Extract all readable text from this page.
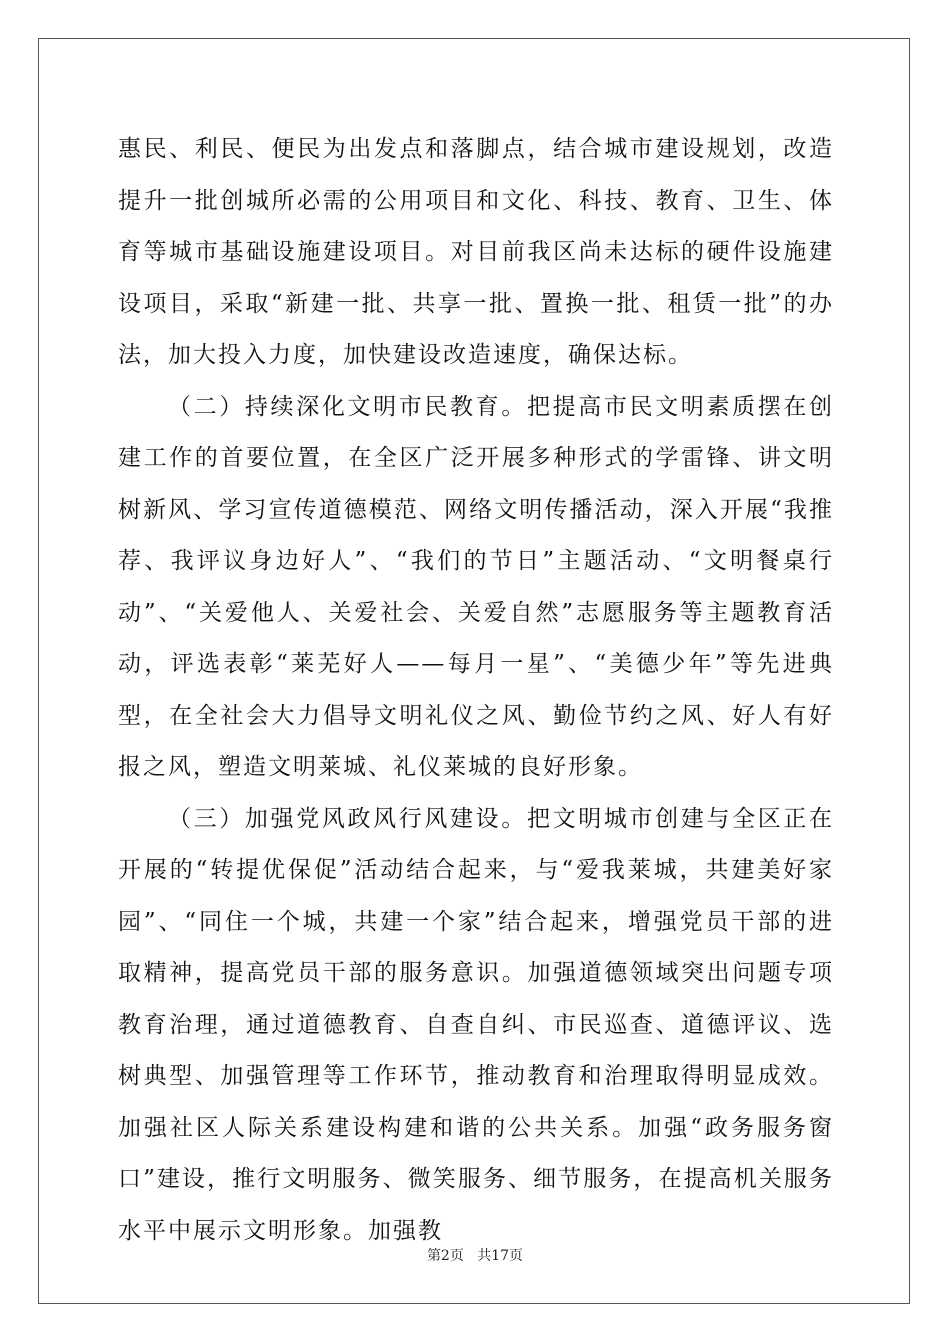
惠民、利民、便民为出发点和落脚点，结合城市建设规划，改造提升一批创城所必需的公用项目和文化、科技、教育、卫生、体育等城市基础设施建设项目。对目前我区尚未达标的硬件设施建设项目，采取“新建一批、共享一批、置换一批、租赁一批”的办法，加大投入力度，加快建设改造速度，确保达标。

（二）持续深化文明市民教育。把提高市民文明素质摆在创建工作的首要位置，在全区广泛开展多种形式的学雷锋、讲文明树新风、学习宣传道德模范、网络文明传播活动，深入开展“我推荐、我评议身边好人”、“我们的节日”主题活动、“文明餐桌行动”、“关爱他人、关爱社会、关爱自然”志愿服务等主题教育活动，评选表彰“莱芜好人——每月一星”、“美德少年”等先进典型，在全社会大力倡导文明礼仪之风、勤俭节约之风、好人有好报之风，塑造文明莱城、礼仪莱城的良好形象。

（三）加强党风政风行风建设。把文明城市创建与全区正在开展的“转提优保促”活动结合起来，与“爱我莱城，共建美好家园”、“同住一个城，共建一个家”结合起来，增强党员干部的进取精神，提高党员干部的服务意识。加强道德领域突出问题专项教育治理，通过道德教育、自查自纠、市民巡查、道德评议、选树典型、加强管理等工作环节，推动教育和治理取得明显成效。加强社区人际关系建设构建和谐的公共关系。加强“政务服务窗口”建设，推行文明服务、微笑服务、细节服务，在提高机关服务水平中展示文明形象。加强教

第2页 共17页
